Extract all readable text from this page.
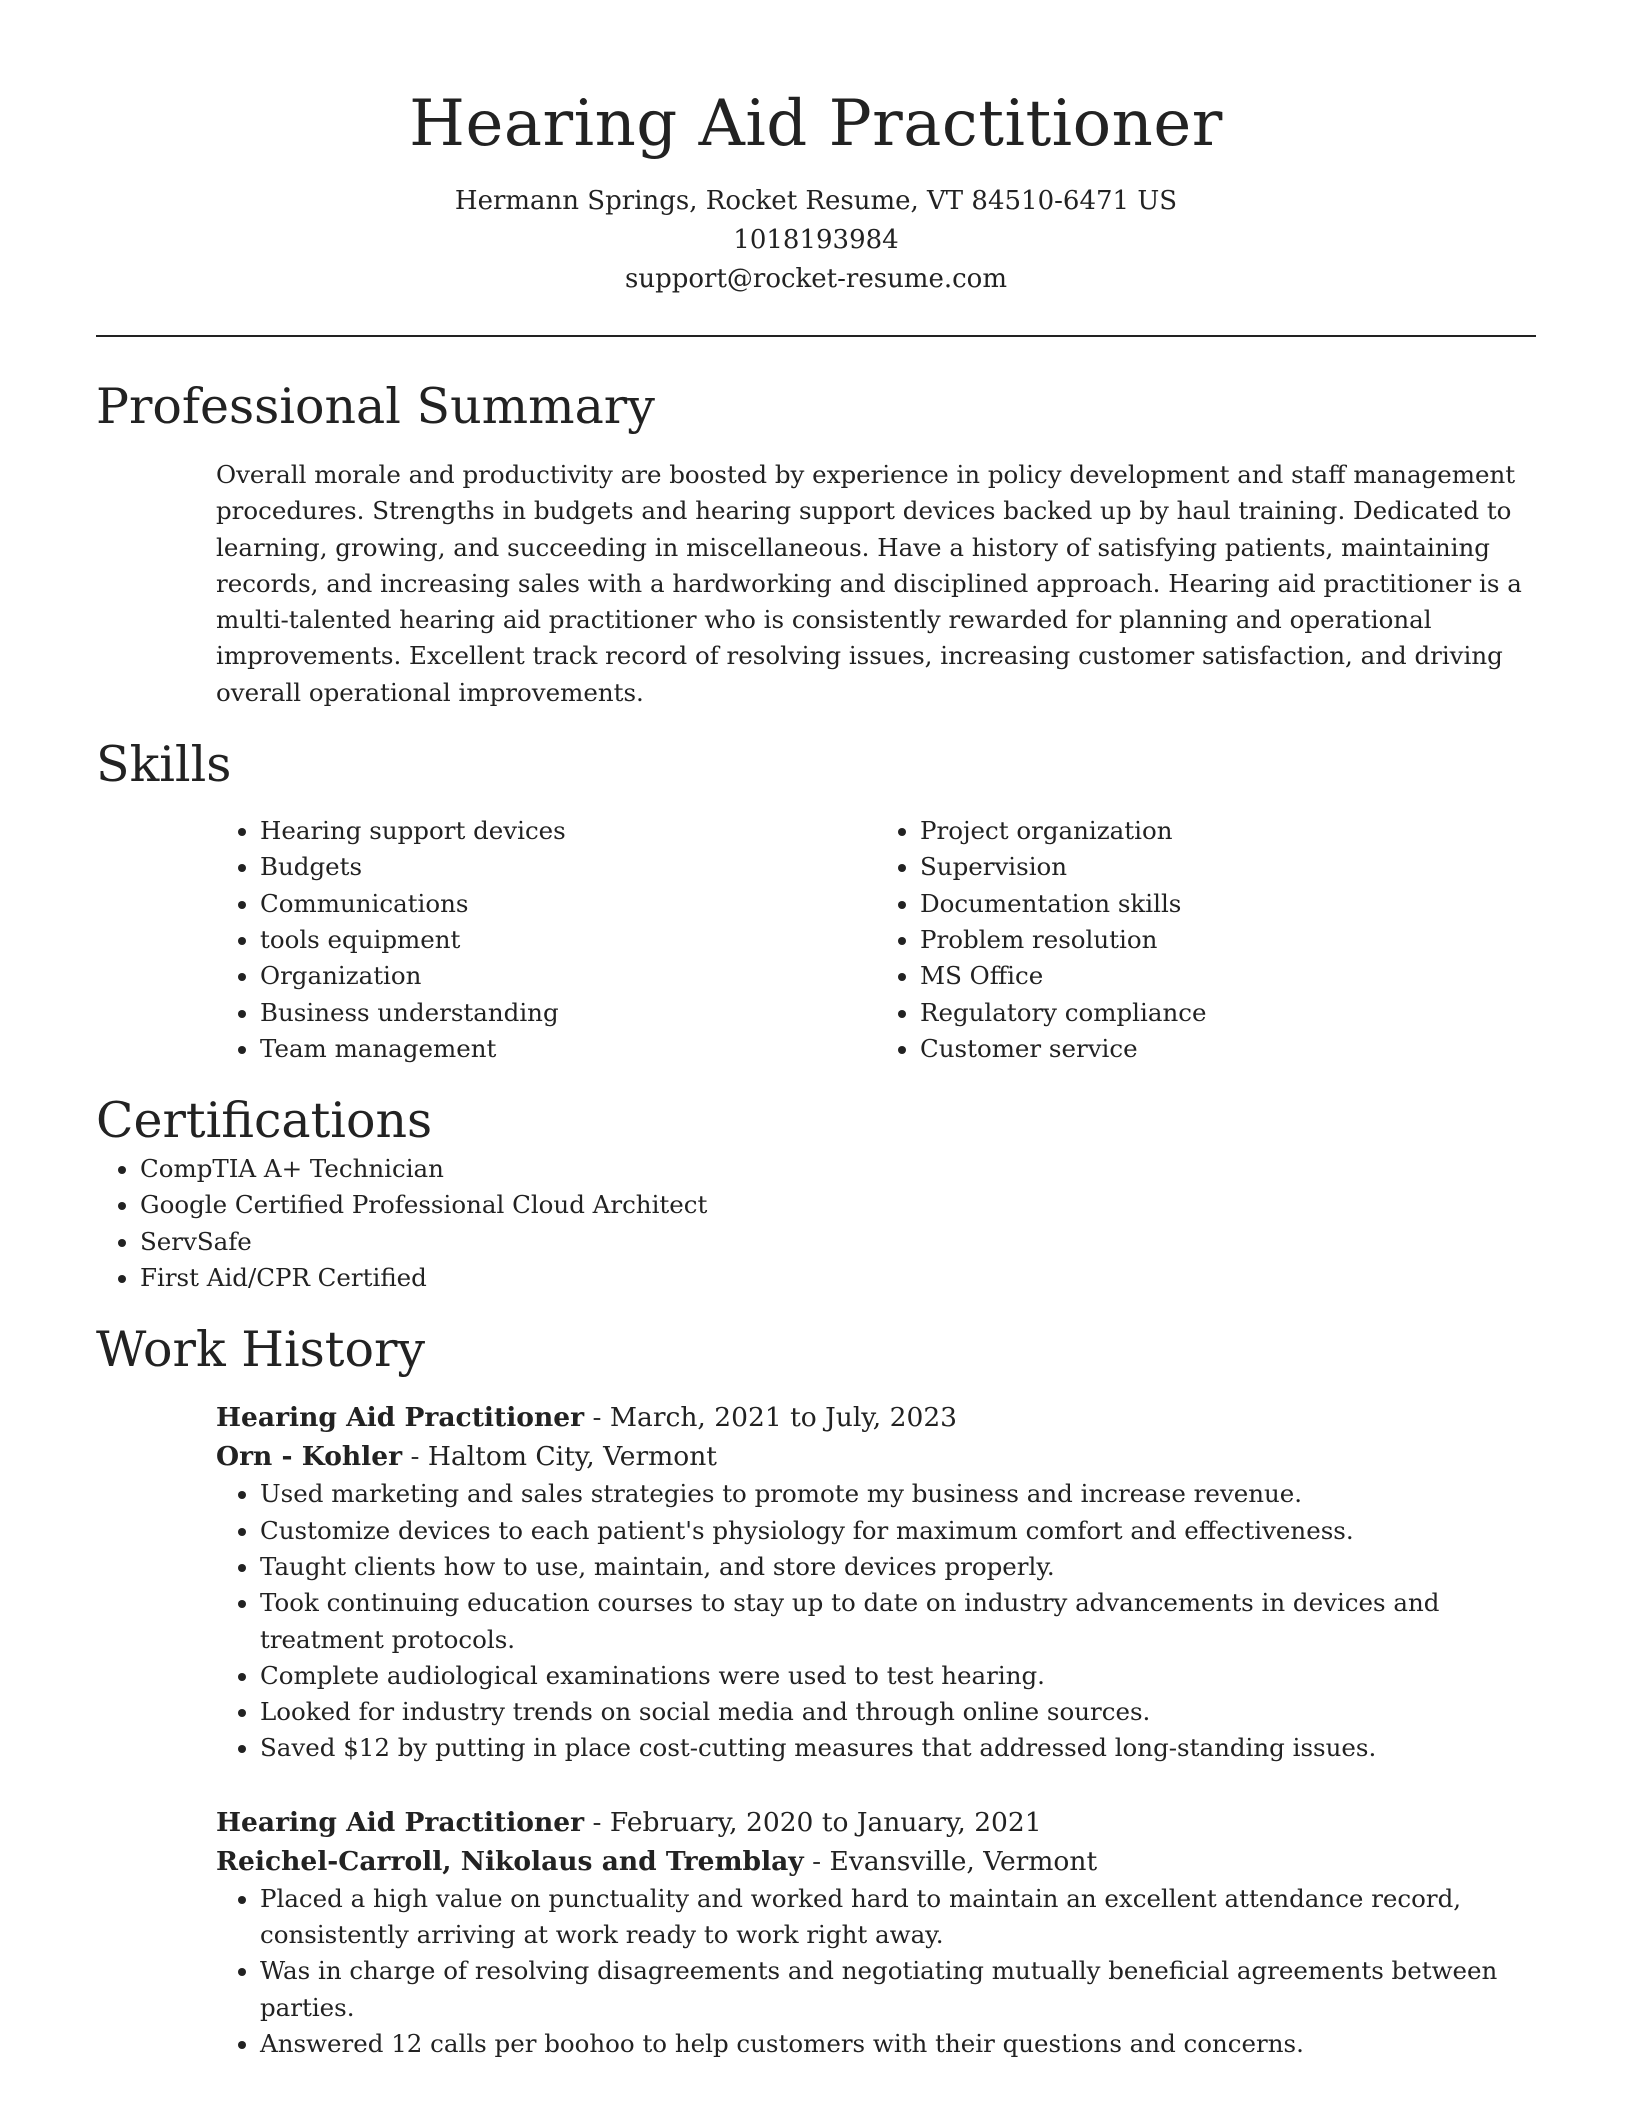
Hearing Aid Practitioner
Hermann Springs, Rocket Resume, VT 84510-6471 US
1018193984
support@rocket-resume.com
Professional Summary
Overall morale and productivity are boosted by experience in policy development and staff management procedures. Strengths in budgets and hearing support devices backed up by haul training. Dedicated to learning, growing, and succeeding in miscellaneous. Have a history of satisfying patients, maintaining records, and increasing sales with a hardworking and disciplined approach. Hearing aid practitioner is a multi-talented hearing aid practitioner who is consistently rewarded for planning and operational improvements. Excellent track record of resolving issues, increasing customer satisfaction, and driving overall operational improvements.
Skills
• Hearing support devices
• Budgets
• Communications
• tools equipment
• Organization
• Business understanding
• Team management
• Project organization
• Supervision
• Documentation skills
• Problem resolution
• MS Office
• Regulatory compliance
• Customer service
Certifications
• CompTIA A+ Technician
• Google Certified Professional Cloud Architect
• ServSafe
• First Aid/CPR Certified
Work History
Hearing Aid Practitioner - March, 2021 to July, 2023
Orn - Kohler - Haltom City, Vermont
• Used marketing and sales strategies to promote my business and increase revenue.
• Customize devices to each patient's physiology for maximum comfort and effectiveness.
• Taught clients how to use, maintain, and store devices properly.
• Took continuing education courses to stay up to date on industry advancements in devices and treatment protocols.
• Complete audiological examinations were used to test hearing.
• Looked for industry trends on social media and through online sources.
• Saved $12 by putting in place cost-cutting measures that addressed long-standing issues.
Hearing Aid Practitioner - February, 2020 to January, 2021
Reichel-Carroll, Nikolaus and Tremblay - Evansville, Vermont
• Placed a high value on punctuality and worked hard to maintain an excellent attendance record, consistently arriving at work ready to work right away.
• Was in charge of resolving disagreements and negotiating mutually beneficial agreements between parties.
• Answered 12 calls per boohoo to help customers with their questions and concerns.
